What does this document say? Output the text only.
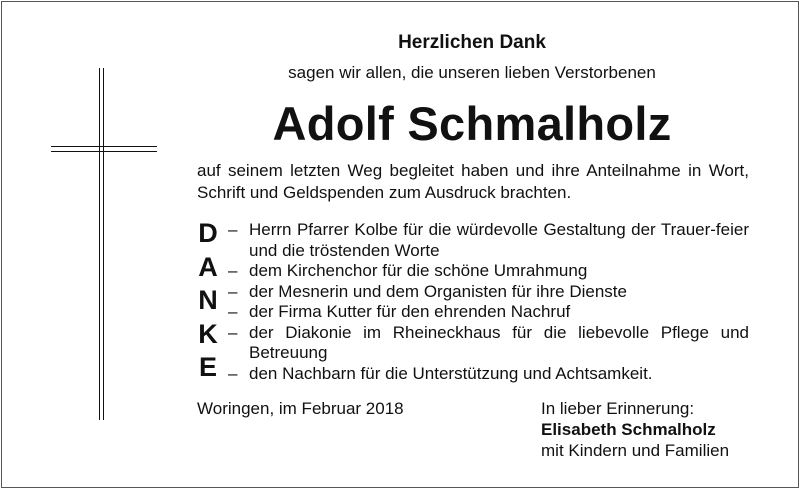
Herzlichen Dank
sagen wir allen, die unseren lieben Verstorbenen
Adolf Schmalholz
auf seinem letzten Weg begleitet haben und ihre Anteilnahme in Wort, Schrift und Geldspenden zum Ausdruck brachten.
D
A
N
K
E
– Herrn Pfarrer Kolbe für die würdevolle Gestaltung der Trauer-feier und die tröstenden Worte
– dem Kirchenchor für die schöne Umrahmung
– der Mesnerin und dem Organisten für ihre Dienste
– der Firma Kutter für den ehrenden Nachruf
– der Diakonie im Rheineckhaus für die liebevolle Pflege und Betreuung
– den Nachbarn für die Unterstützung und Achtsamkeit.
Woringen, im Februar 2018	In lieber Erinnerung:
Elisabeth Schmalholz
mit Kindern und Familien
